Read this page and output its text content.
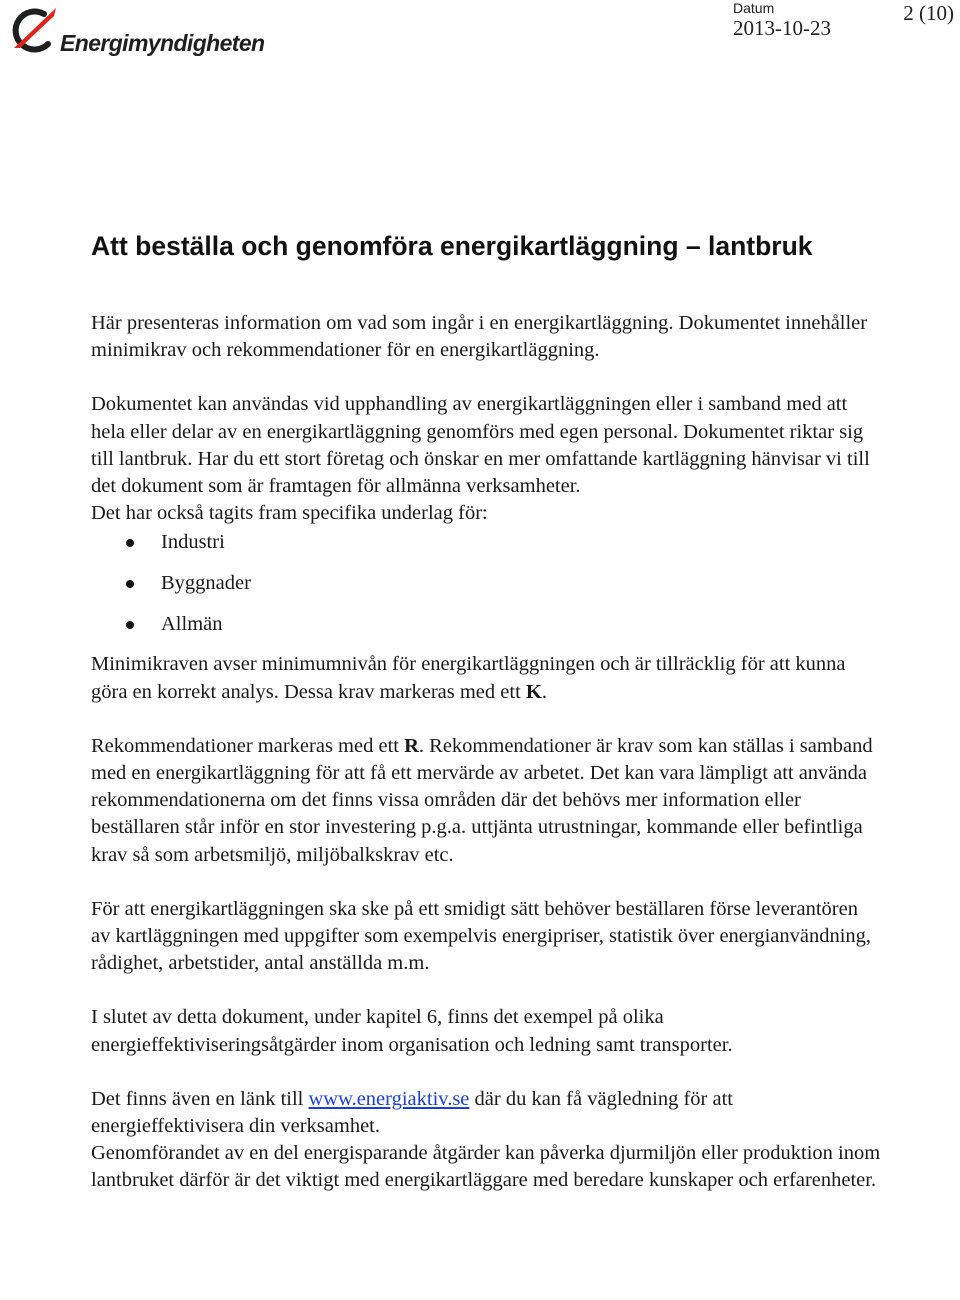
Energimyndigheten
Datum
2013-10-23
2 (10)
Att beställa och genomföra energikartläggning – lantbruk

Här presenteras information om vad som ingår i en energikartläggning. Dokumentet innehåller minimikrav och rekommendationer för en energikartläggning.

Dokumentet kan användas vid upphandling av energikartläggningen eller i samband med att hela eller delar av en energikartläggning genomförs med egen personal. Dokumentet riktar sig till lantbruk. Har du ett stort företag och önskar en mer omfattande kartläggning hänvisar vi till det dokument som är framtagen för allmänna verksamheter.

Det har också tagits fram specifika underlag för:

Industri
Byggnader
Allmän

Minimikraven avser minimumnivån för energikartläggningen och är tillräcklig för att kunna göra en korrekt analys. Dessa krav markeras med ett K.

Rekommendationer markeras med ett R. Rekommendationer är krav som kan ställas i samband med en energikartläggning för att få ett mervärde av arbetet. Det kan vara lämpligt att använda rekommendationerna om det finns vissa områden där det behövs mer information eller beställaren står inför en stor investering p.g.a. uttjänta utrustningar, kommande eller befintliga krav så som arbetsmiljö, miljöbalkskrav etc.

För att energikartläggningen ska ske på ett smidigt sätt behöver beställaren förse leverantören av kartläggningen med uppgifter som exempelvis energipriser, statistik över energianvändning, rådighet, arbetstider, antal anställda m.m.

I slutet av detta dokument, under kapitel 6, finns det exempel på olika energieffektiviseringsåtgärder inom organisation och ledning samt transporter.

Det finns även en länk till www.energiaktiv.se där du kan få vägledning för att energieffektivisera din verksamhet.

Genomförandet av en del energisparande åtgärder kan påverka djurmiljön eller produktion inom lantbruket därför är det viktigt med energikartläggare med beredare kunskaper och erfarenheter.
